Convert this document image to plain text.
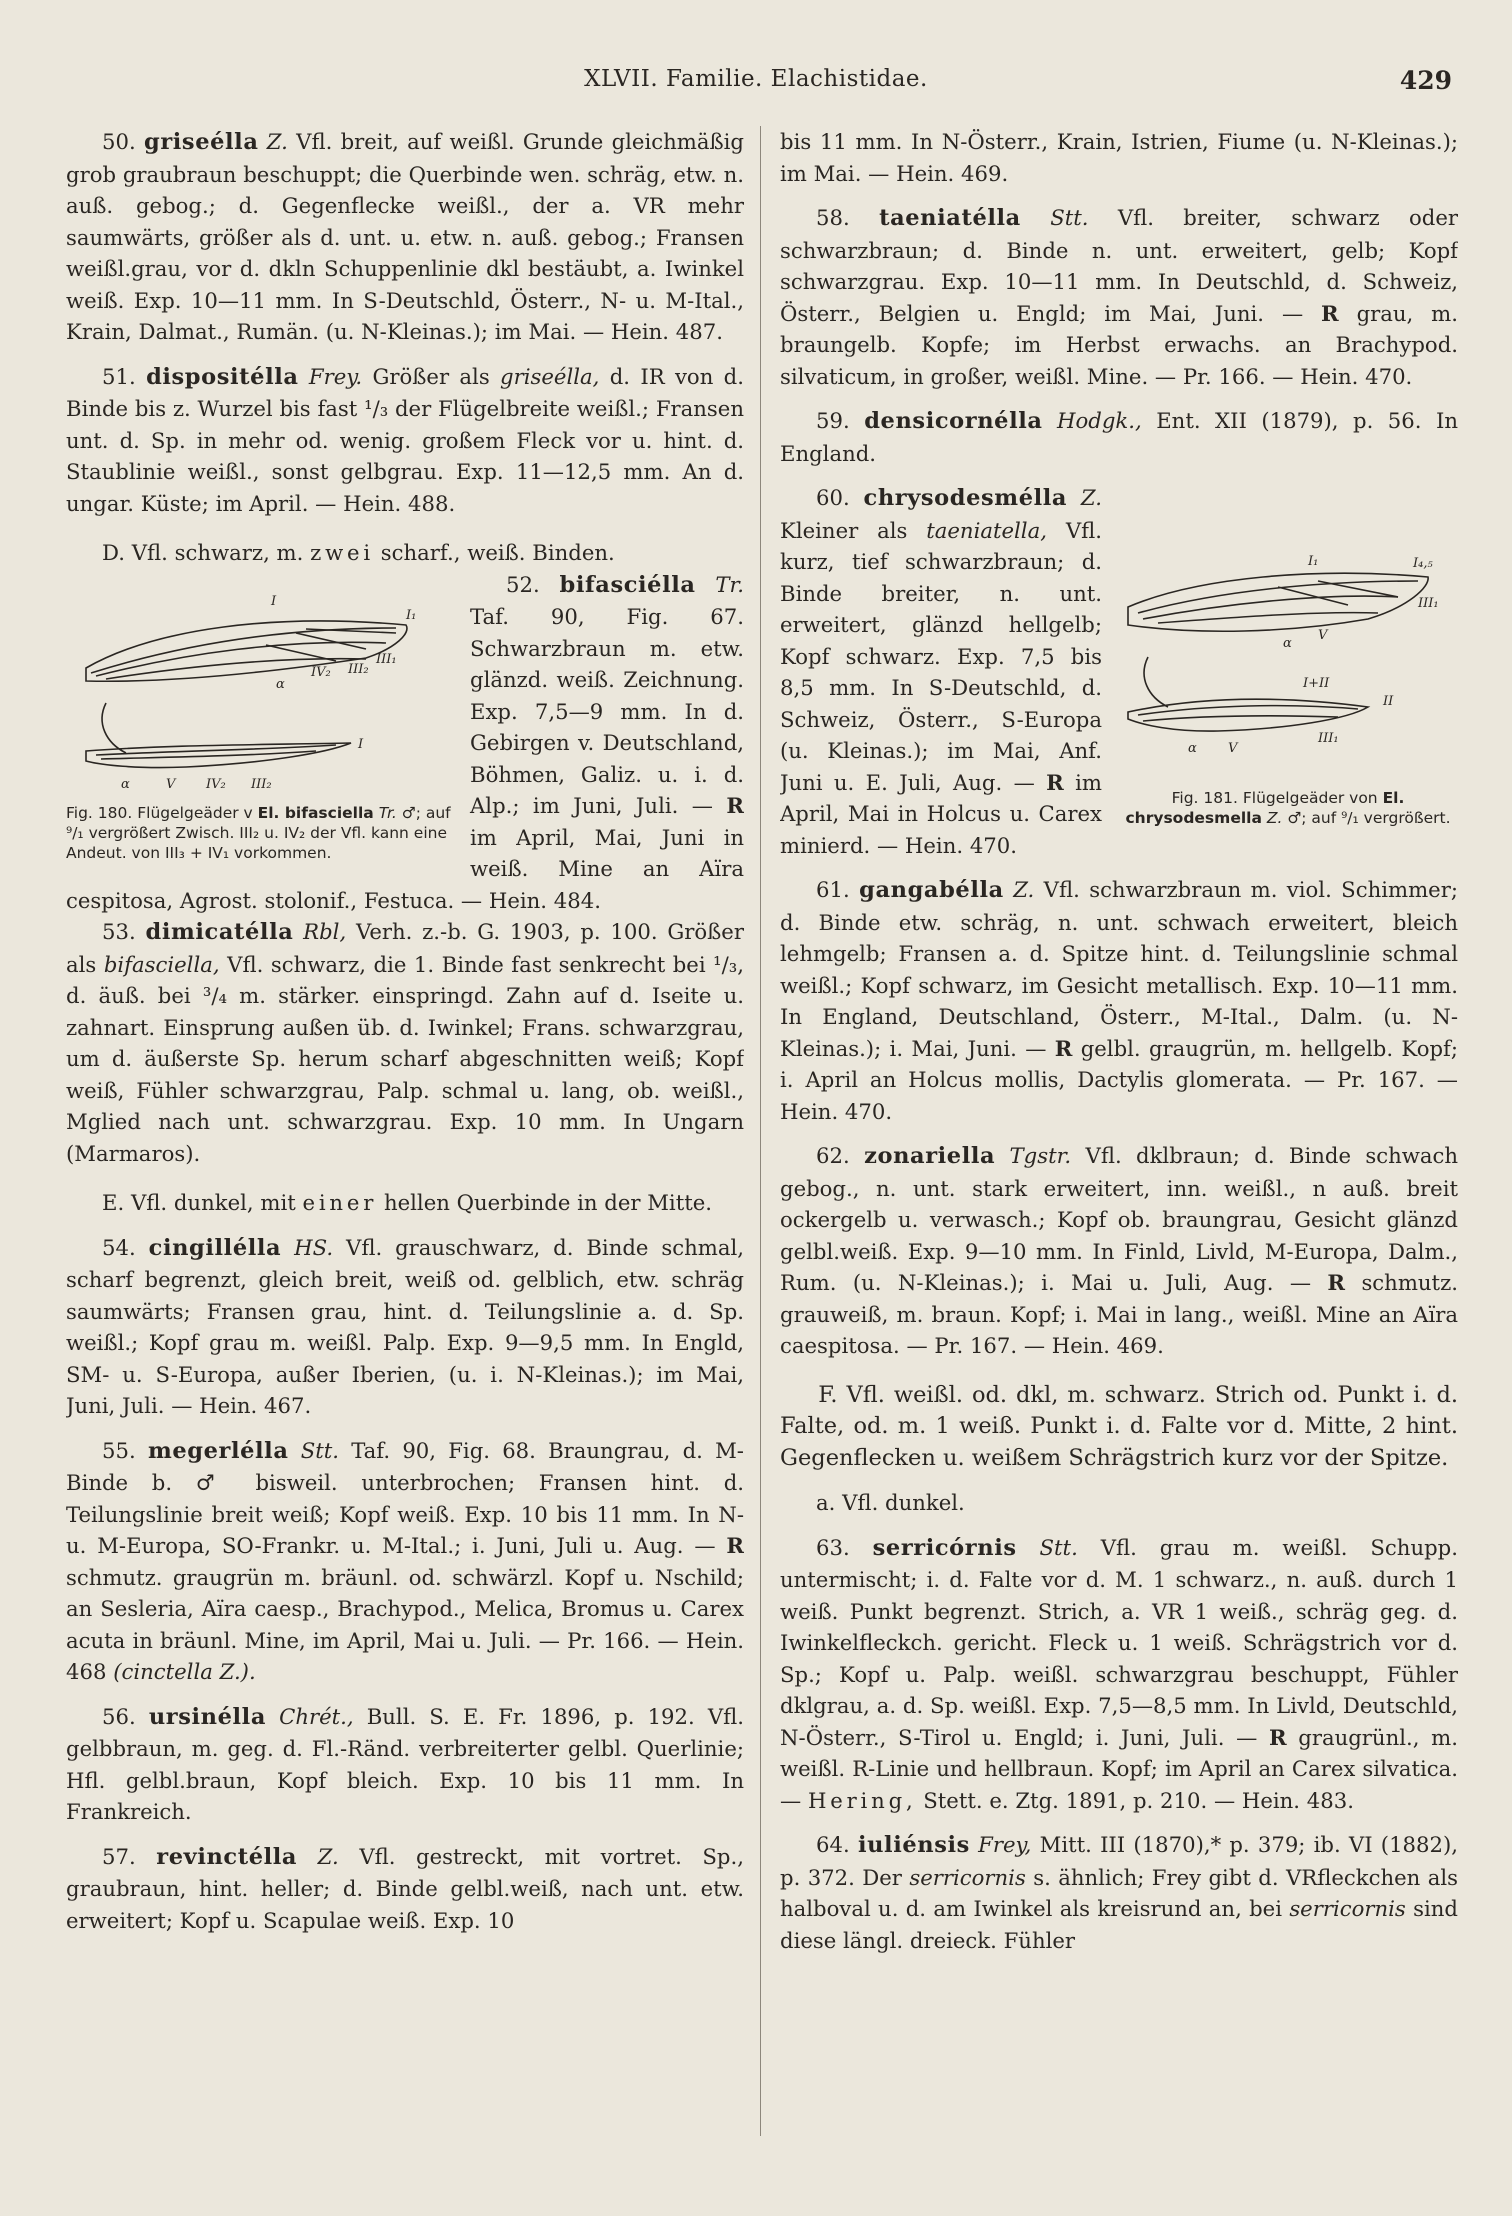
XLVII. Familie. Elachistidae.	429

50. griseélla Z. Vfl. breit, auf weißl. Grunde gleichmäßig grob graubraun beschuppt; die Querbinde wen. schräg, etw. n. auß. gebog.; d. Gegenflecke weißl., der a. VR mehr saumwärts, größer als d. unt. u. etw. n. auß. gebog.; Fransen weißl.grau, vor d. dkln Schuppenlinie dkl bestäubt, a. Iwinkel weiß. Exp. 10—11 mm. In S-Deutschld, Österr., N- u. M-Ital., Krain, Dalmat., Rumän. (u. N-Kleinas.); im Mai. — Hein. 487.

51. dispositélla Frey. Größer als griseélla, d. IR von d. Binde bis z. Wurzel bis fast ¹/₃ der Flügelbreite weißl.; Fransen unt. d. Sp. in mehr od. wenig. großem Fleck vor u. hint. d. Staublinie weißl., sonst gelbgrau. Exp. 11—12,5 mm. An d. ungar. Küste; im April. — Hein. 488.

D. Vfl. schwarz, m. zwei scharf., weiß. Binden.

I
I₁
III₁
III₂
IV₂
α
α	V IV₂ III₂
I
Fig. 180. Flügelgeäder v El. bifasciella Tr. ♂; auf ⁹/₁ vergrößert Zwisch. III₂ u. IV₂ der Vfl. kann eine Andeut. von III₃ + IV₁ vorkommen.

52. bifasciélla Tr. Taf. 90, Fig. 67. Schwarzbraun m. etw. glänzd. weiß. Zeichnung. Exp. 7,5—9 mm. In d. Gebirgen v. Deutschland, Böhmen, Galiz. u. i. d. Alp.; im Juni, Juli. — R im April, Mai, Juni in weiß. Mine an Aïra cespitosa, Agrost. stolonif., Festuca. — Hein. 484.

53. dimicatélla Rbl, Verh. z.-b. G. 1903, p. 100. Größer als bifasciella, Vfl. schwarz, die 1. Binde fast senkrecht bei ¹/₃, d. äuß. bei ³/₄ m. stärker. einspringd. Zahn auf d. Iseite u. zahnart. Einsprung außen üb. d. Iwinkel; Frans. schwarzgrau, um d. äußerste Sp. herum scharf abgeschnitten weiß; Kopf weiß, Fühler schwarzgrau, Palp. schmal u. lang, ob. weißl., Mglied nach unt. schwarzgrau. Exp. 10 mm. In Ungarn (Marmaros).

E. Vfl. dunkel, mit einer hellen Querbinde in der Mitte.

54. cingillélla HS. Vfl. grauschwarz, d. Binde schmal, scharf begrenzt, gleich breit, weiß od. gelblich, etw. schräg saumwärts; Fransen grau, hint. d. Teilungslinie a. d. Sp. weißl.; Kopf grau m. weißl. Palp. Exp. 9—9,5 mm. In Engld, SM- u. S-Europa, außer Iberien, (u. i. N-Kleinas.); im Mai, Juni, Juli. — Hein. 467.

55. megerlélla Stt. Taf. 90, Fig. 68. Braungrau, d. M-Binde b. ♂ bisweil. unterbrochen; Fransen hint. d. Teilungslinie breit weiß; Kopf weiß. Exp. 10 bis 11 mm. In N- u. M-Europa, SO-Frankr. u. M-Ital.; i. Juni, Juli u. Aug. — R schmutz. graugrün m. bräunl. od. schwärzl. Kopf u. Nschild; an Sesleria, Aïra caesp., Brachypod., Melica, Bromus u. Carex acuta in bräunl. Mine, im April, Mai u. Juli. — Pr. 166. — Hein. 468 (cinctella Z.).

56. ursinélla Chrét., Bull. S. E. Fr. 1896, p. 192. Vfl. gelbbraun, m. geg. d. Fl.-Ränd. verbreiterter gelbl. Querlinie; Hfl. gelbl.braun, Kopf bleich. Exp. 10 bis 11 mm. In Frankreich.

57. revinctélla Z. Vfl. gestreckt, mit vortret. Sp., graubraun, hint. heller; d. Binde gelbl.weiß, nach unt. etw. erweitert; Kopf u. Scapulae weiß. Exp. 10

bis 11 mm. In N-Österr., Krain, Istrien, Fiume (u. N-Kleinas.); im Mai. — Hein. 469.

58. taeniatélla Stt. Vfl. breiter, schwarz oder schwarzbraun; d. Binde n. unt. erweitert, gelb; Kopf schwarzgrau. Exp. 10—11 mm. In Deutschld, d. Schweiz, Österr., Belgien u. Engld; im Mai, Juni. — R grau, m. braungelb. Kopfe; im Herbst erwachs. an Brachypod. silvaticum, in großer, weißl. Mine. — Pr. 166. — Hein. 470.

59. densicornélla Hodgk., Ent. XII (1879), p. 56. In England.

I₁	I₄,₅
III₁
α
V
I+II
II
α V
III₁
Fig. 181. Flügelgeäder von El. chrysodesmella Z. ♂; auf ⁹/₁ vergrößert.

60. chrysodesmélla Z. Kleiner als taeniatella, Vfl. kurz, tief schwarzbraun; d. Binde breiter, n. unt. erweitert, glänzd hellgelb; Kopf schwarz. Exp. 7,5 bis 8,5 mm. In S-Deutschld, d. Schweiz, Österr., S-Europa (u. Kleinas.); im Mai, Anf. Juni u. E. Juli, Aug. — R im April, Mai in Holcus u. Carex minierd. — Hein. 470.

61. gangabélla Z. Vfl. schwarzbraun m. viol. Schimmer; d. Binde etw. schräg, n. unt. schwach erweitert, bleich lehmgelb; Fransen a. d. Spitze hint. d. Teilungslinie schmal weißl.; Kopf schwarz, im Gesicht metallisch. Exp. 10—11 mm. In England, Deutschland, Österr., M-Ital., Dalm. (u. N-Kleinas.); i. Mai, Juni. — R gelbl. graugrün, m. hellgelb. Kopf; i. April an Holcus mollis, Dactylis glomerata. — Pr. 167. — Hein. 470.

62. zonariella Tgstr. Vfl. dklbraun; d. Binde schwach gebog., n. unt. stark erweitert, inn. weißl., n auß. breit ockergelb u. verwasch.; Kopf ob. braungrau, Gesicht glänzd gelbl.weiß. Exp. 9—10 mm. In Finld, Livld, M-Europa, Dalm., Rum. (u. N-Kleinas.); i. Mai u. Juli, Aug. — R schmutz. grauweiß, m. braun. Kopf; i. Mai in lang., weißl. Mine an Aïra caespitosa. — Pr. 167. — Hein. 469.

F. Vfl. weißl. od. dkl, m. schwarz. Strich od. Punkt i. d. Falte, od. m. 1 weiß. Punkt i. d. Falte vor d. Mitte, 2 hint. Gegenflecken u. weißem Schrägstrich kurz vor der Spitze.

a. Vfl. dunkel.

63. serricórnis Stt. Vfl. grau m. weißl. Schupp. untermischt; i. d. Falte vor d. M. 1 schwarz., n. auß. durch 1 weiß. Punkt begrenzt. Strich, a. VR 1 weiß., schräg geg. d. Iwinkelfleckch. gericht. Fleck u. 1 weiß. Schrägstrich vor d. Sp.; Kopf u. Palp. weißl. schwarzgrau beschuppt, Fühler dklgrau, a. d. Sp. weißl. Exp. 7,5—8,5 mm. In Livld, Deutschld, N-Österr., S-Tirol u. Engld; i. Juni, Juli. — R graugrünl., m. weißl. R-Linie und hellbraun. Kopf; im April an Carex silvatica. — Hering, Stett. e. Ztg. 1891, p. 210. — Hein. 483.

64. iuliénsis Frey, Mitt. III (1870),* p. 379; ib. VI (1882), p. 372. Der serricornis s. ähnlich; Frey gibt d. VRfleckchen als halboval u. d. am Iwinkel als kreisrund an, bei serricornis sind diese längl. dreieck. Fühler
